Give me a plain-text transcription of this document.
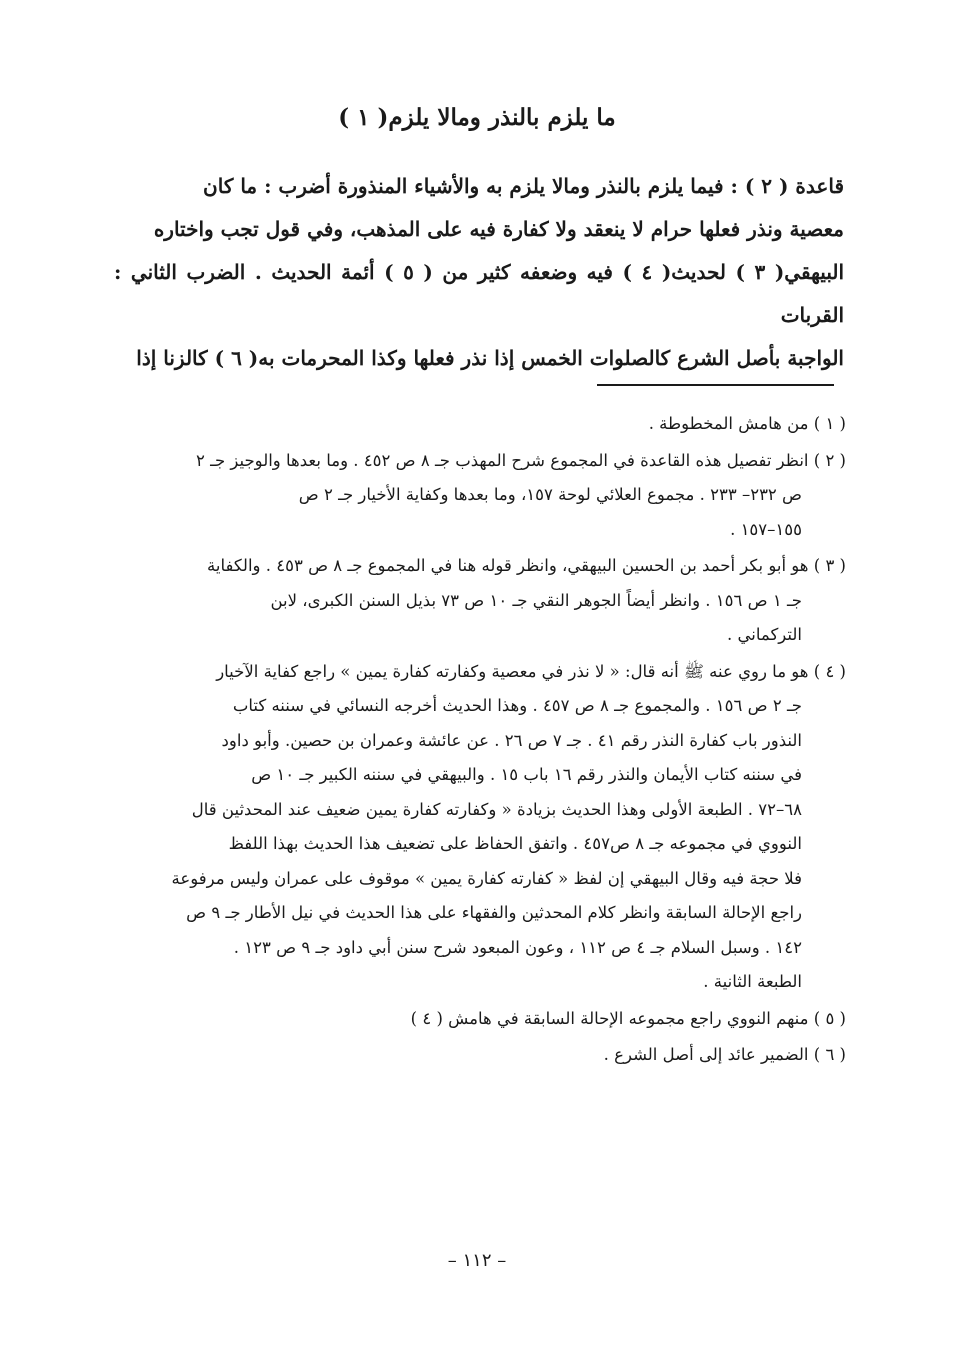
ما يلزم بالنذر ومالا يلزم( ١ )
قاعدة ( ٢ ) : فيما يلزم بالنذر ومالا يلزم به والأشياء المنذورة أضرب : ما كان
معصية ونذر فعلها حرام لا ينعقد ولا كفارة فيه على المذهب، وفي قول تجب واختاره
البيهقي( ٣ ) لحديث( ٤ ) فيه وضعفه كثير من ( ٥ ) أئمة الحديث . الضرب الثاني : القربات
الواجبة بأصل الشرع كالصلوات الخمس إذا نذر فعلها وكذا المحرمات به( ٦ ) كالزنا إذا
( ١ ) من هامش المخطوطة .
( ٢ ) انظر تفصيل هذه القاعدة في المجموع شرح المهذب جـ ٨ ص ٤٥٢ . وما بعدها والوجيز جـ ٢
ص ٢٣٢– ٢٣٣ . مجموع العلائي لوحة ١٥٧، وما بعدها وكفاية الأخيار جـ ٢ ص
١٥٥–١٥٧ .
( ٣ ) هو أبو بكر أحمد بن الحسين البيهقي، وانظر قوله هنا في المجموع جـ ٨ ص ٤٥٣ . والكفاية
جـ ١ ص ١٥٦ . وانظر أيضاً الجوهر النقي جـ ١٠ ص ٧٣ بذيل السنن الكبرى، لابن
التركماني .
( ٤ ) هو ما روي عنه ﷺ أنه قال: « لا نذر في معصية وكفارته كفارة يمين » راجع كفاية الآخيار
جـ ٢ ص ١٥٦ . والمجموع جـ ٨ ص ٤٥٧ . وهذا الحديث أخرجه النسائي في سننه كتاب
النذور باب كفارة النذر رقم ٤١ . جـ ٧ ص ٢٦ . عن عائشة وعمران بن حصين. وأبو داود
في سننه كتاب الأيمان والنذر رقم ١٦ باب ١٥ . والبيهقي في سننه الكبير جـ ١٠ ص
٦٨–٧٢ . الطبعة الأولى وهذا الحديث بزيادة « وكفارته كفارة يمين ضعيف عند المحدثين قال
النووي في مجموعه جـ ٨ ص٤٥٧ . واتفق الحفاظ على تضعيف هذا الحديث بهذا اللفظ
فلا حجة فيه وقال البيهقي إن لفظ « كفارته كفارة يمين » موقوف على عمران وليس مرفوعة
راجع الإحالة السابقة وانظر كلام المحدثين والفقهاء على هذا الحديث في نيل الأطار جـ ٩ ص
١٤٢ . وسبل السلام جـ ٤ ص ١١٢ ، وعون المبعود شرح سنن أبي داود جـ ٩ ص ١٢٣ .
الطبعة الثانية .
( ٥ ) منهم النووي راجع مجموعه الإحالة السابقة في هامش ( ٤ )
( ٦ ) الضمير عائد إلى أصل الشرع .
– ١١٢ –
